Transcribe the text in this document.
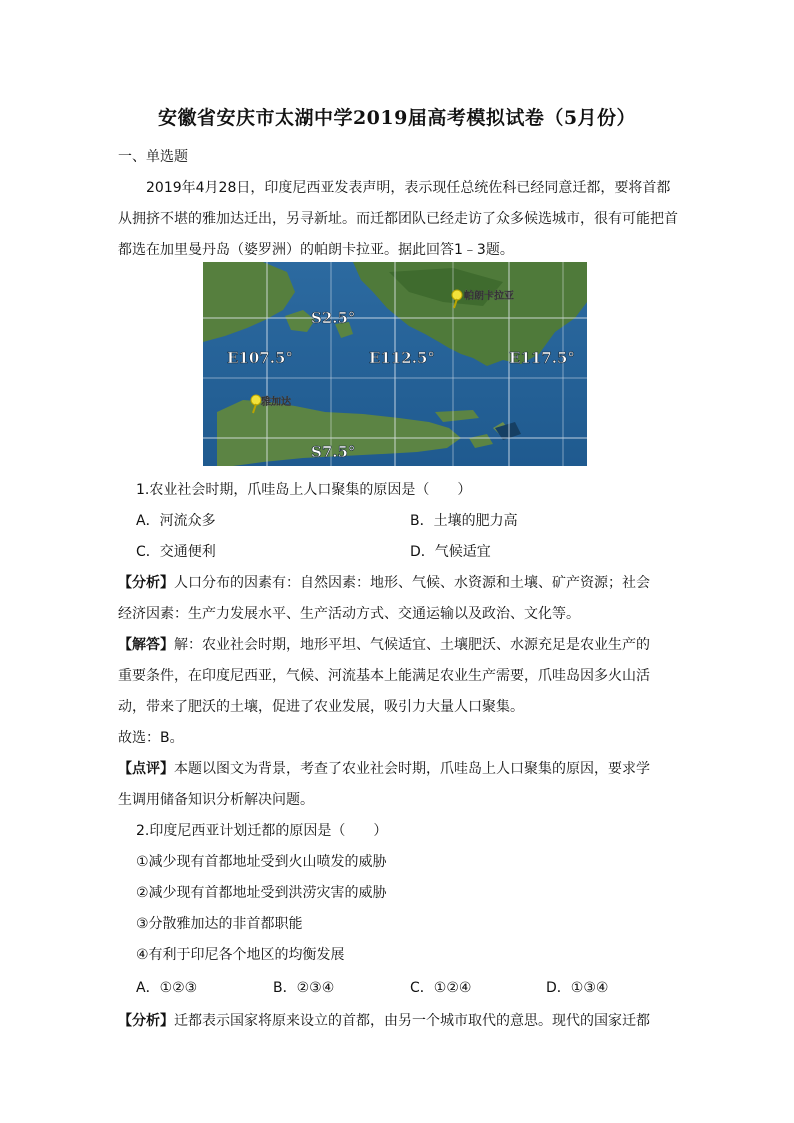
安徽省安庆市太湖中学2019届高考模拟试卷（5月份）
一、单选题
2019年4月28日，印度尼西亚发表声明，表示现任总统佐科已经同意迁都，要将首都
从拥挤不堪的雅加达迁出，另寻新址。而迁都团队已经走访了众多候选城市，很有可能把首
都选在加里曼丹岛（婆罗洲）的帕朗卡拉亚。据此回答1﹣3题。
帕朗卡拉亚
雅加达
S2.5°
E107.5°	E112.5°	E117.5°
S7.5°
1.农业社会时期，爪哇岛上人口聚集的原因是（　　）
A．河流众多	B．土壤的肥力高
C．交通便利	D．气候适宜
【分析】人口分布的因素有：自然因素：地形、气候、水资源和土壤、矿产资源；社会
经济因素：生产力发展水平、生产活动方式、交通运输以及政治、文化等。
【解答】解：农业社会时期，地形平坦、气候适宜、土壤肥沃、水源充足是农业生产的
重要条件，在印度尼西亚，气候、河流基本上能满足农业生产需要，爪哇岛因多火山活
动，带来了肥沃的土壤，促进了农业发展，吸引力大量人口聚集。
故选：B。
【点评】本题以图文为背景，考查了农业社会时期，爪哇岛上人口聚集的原因，要求学
生调用储备知识分析解决问题。
2.印度尼西亚计划迁都的原因是（　　）
①减少现有首都地址受到火山喷发的威胁
②减少现有首都地址受到洪涝灾害的威胁
③分散雅加达的非首都职能
④有利于印尼各个地区的均衡发展
A．①②③	B．②③④	C．①②④	D．①③④
【分析】迁都表示国家将原来设立的首都，由另一个城市取代的意思。现代的国家迁都
